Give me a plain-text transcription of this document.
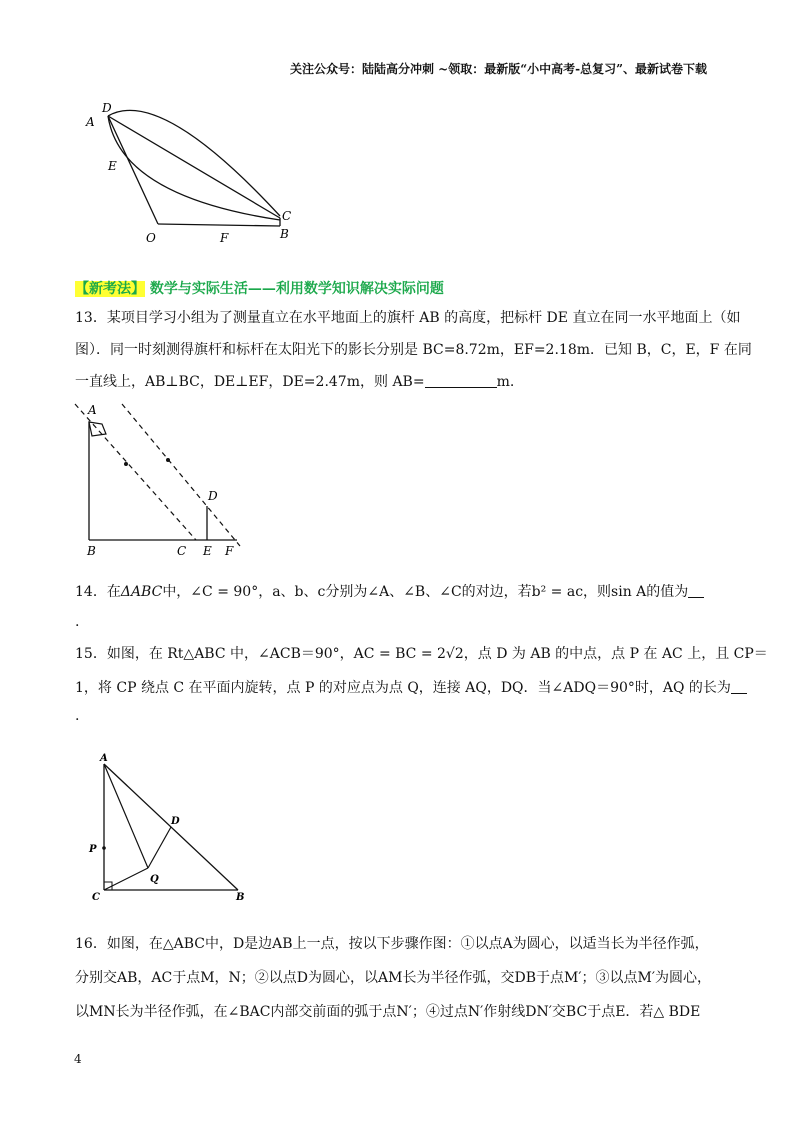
关注公众号：陆陆高分冲刺 ~领取：最新版“小中高考-总复习”、最新试卷下载
D
A
E
O	F
C
B
【新考法】 数学与实际生活——利用数学知识解决实际问题
13．某项目学习小组为了测量直立在水平地面上的旗杆 AB 的高度，把标杆 DE 直立在同一水平地面上（如
图）．同一时刻测得旗杆和标杆在太阳光下的影长分别是 BC=8.72m，EF=2.18m．已知 B，C，E，F 在同
一直线上，AB⊥BC，DE⊥EF，DE=2.47m，则 AB=	m.
A
B	C
D
E F
14．在ΔABC中，∠C = 90°，a、b、c分别为∠A、∠B、∠C的对边，若b² = ac，则sin A的值为
.
15．如图，在 Rt△ABC 中，∠ACB＝90°，AC = BC = 2√2，点 D 为 AB 的中点，点 P 在 AC 上，且 CP＝
1，将 CP 绕点 C 在平面内旋转，点 P 的对应点为点 Q，连接 AQ，DQ．当∠ADQ＝90°时，AQ 的长为
.
A
P
C
Q
D
B
16．如图，在△ABC中，D是边AB上一点，按以下步骤作图：①以点A为圆心，以适当长为半径作弧，
分别交AB，AC于点M，N；②以点D为圆心，以AM长为半径作弧，交DB于点M′；③以点M′为圆心，
以MN长为半径作弧，在∠BAC内部交前面的弧于点N′；④过点N′作射线DN′交BC于点E．若△ BDE
4
